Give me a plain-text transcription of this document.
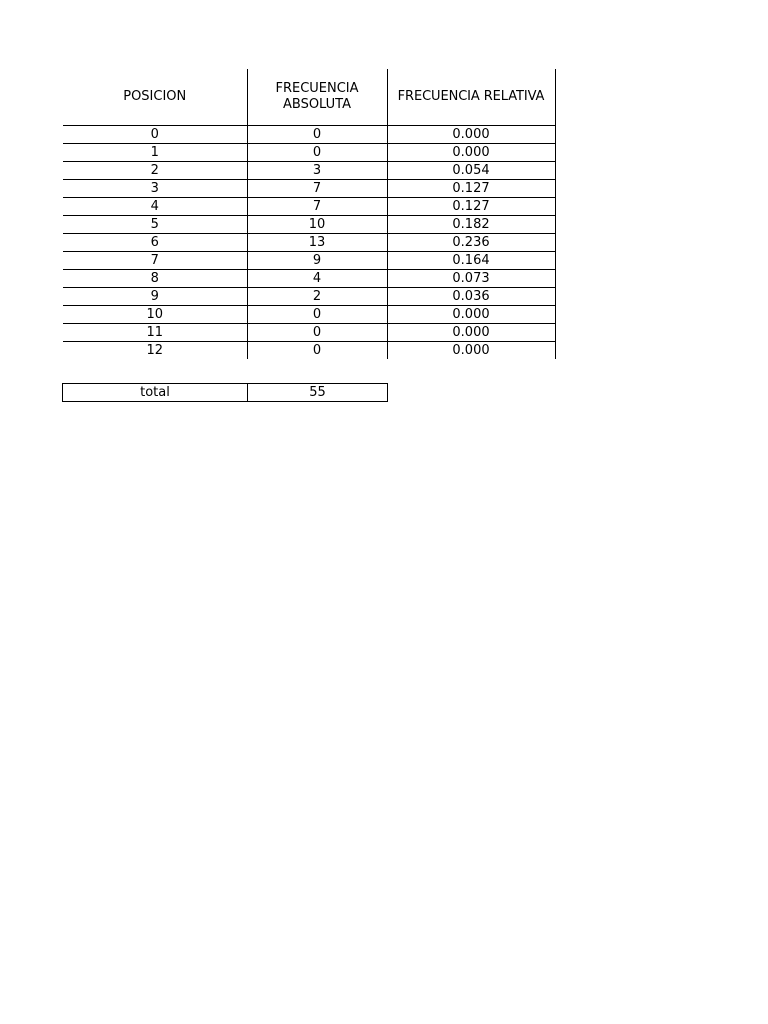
POSICION	FRECUENCIA ABSOLUTA	FRECUENCIA RELATIVA
0	0	0.000
1	0	0.000
2	3	0.054
3	7	0.127
4	7	0.127
5	10	0.182
6	13	0.236
7	9	0.164
8	4	0.073
9	2	0.036
10	0	0.000
11	0	0.000
12	0	0.000
total	55
